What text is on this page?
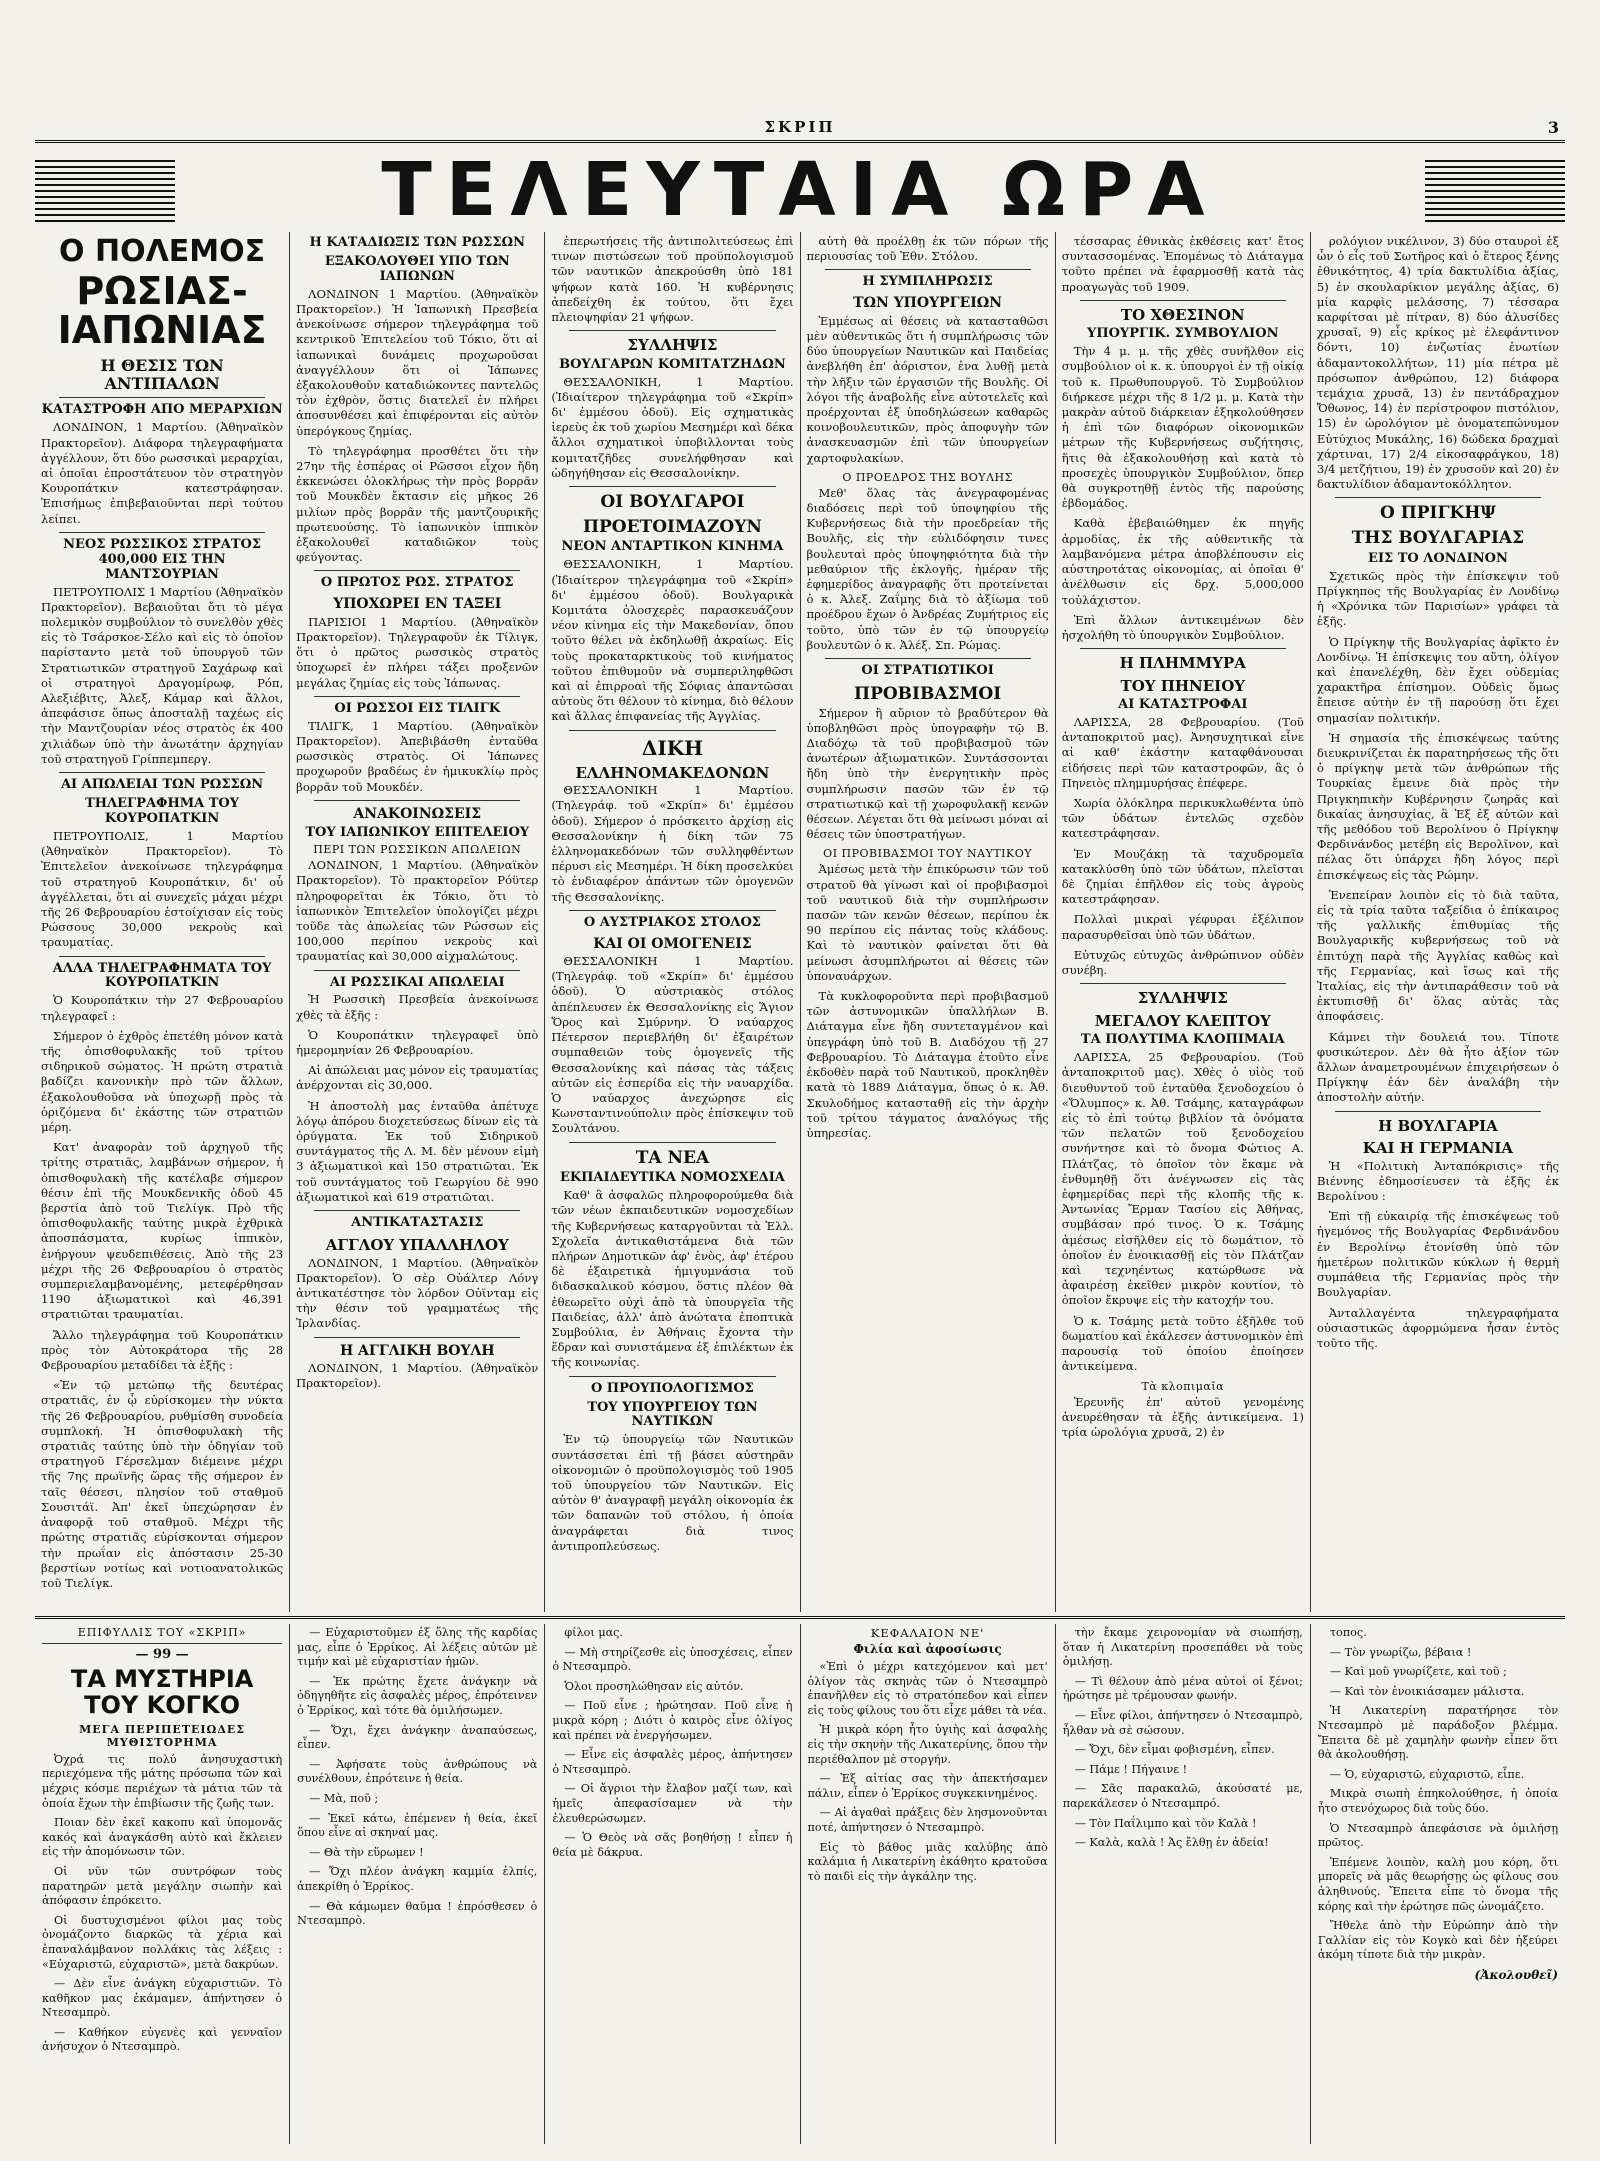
ΣΚΡΙΠ	3
ΤΕΛΕΥΤΑΙΑ ΩΡΑ
Ο ΠΟΛΕΜΟΣ
ΡΩΣΙΑΣ-ΙΑΠΩΝΙΑΣ
Η ΘΕΣΙΣ ΤΩΝ ΑΝΤΙΠΑΛΩΝ
ΚΑΤΑΣΤΡΟΦΗ ΑΠΟ ΜΕΡΑΡΧΙΩΝ

ΛΟΝΔΙΝΟΝ, 1 Μαρτίου. (Ἀθηναϊκὸν Πρακτορεῖον). Διάφορα τηλεγραφήματα ἀγγέλλουν, ὅτι δύο ρωσσικαὶ μεραρχίαι, αἱ ὁποῖαι ἐπροστάτευον τὸν στρατηγὸν Κουροπάτκιν κατεστράφησαν. Ἐπισήμως ἐπιβεβαιοῦνται περὶ τούτου λείπει.

ΝΕΟΣ ΡΩΣΣΙΚΟΣ ΣΤΡΑΤΟΣ 400,000 ΕΙΣ ΤΗΝ ΜΑΝΤΣΟΥΡΙΑΝ

ΠΕΤΡΟΥΠΟΛΙΣ 1 Μαρτίου (Ἀθηναϊκὸν Πρακτορεῖον). Βεβαιοῦται ὅτι τὸ μέγα πολεμικὸν συμβούλιον τὸ συνελθὸν χθὲς εἰς τὸ Τσάρσκοε-Σέλο καὶ εἰς τὸ ὁποῖον παρίσταντο μετὰ τοῦ ὑπουργοῦ τῶν Στρατιωτικῶν στρατηγοῦ Σαχάρωφ καὶ οἱ στρατηγοὶ Δραγομίρωφ, Ρόπ, Αλεξιέβιτς, Ἀλεξ, Κάμαρ καὶ ἄλλοι, ἀπεφάσισε ὅπως ἀποσταλῇ ταχέως εἰς τὴν Μαντζουρίαν νέος στρατὸς ἐκ 400 χιλιάδων ὑπὸ τὴν ἀνωτάτην ἀρχηγίαν τοῦ στρατηγοῦ Γρίππεμπεργ.

ΑΙ ΑΠΩΛΕΙΑΙ ΤΩΝ ΡΩΣΣΩΝ
ΤΗΛΕΓΡΑΦΗΜΑ ΤΟΥ ΚΟΥΡΟΠΑΤΚΙΝ

ΠΕΤΡΟΥΠΟΛΙΣ, 1 Μαρτίου (Ἀθηναϊκὸν Πρακτορεῖον). Τὸ Ἐπιτελεῖον ἀνεκοίνωσε τηλεγράφημα τοῦ στρατηγοῦ Κουροπάτκιν, δι' οὗ ἀγγέλλεται, ὅτι αἱ συνεχεῖς μάχαι μέχρι τῆς 26 Φεβρουαρίου ἐστοίχισαν εἰς τοὺς Ρώσσους 30,000 νεκροὺς καὶ τραυματίας.

ΑΛΛΑ ΤΗΛΕΓΡΑΦΗΜΑΤΑ ΤΟΥ ΚΟΥΡΟΠΑΤΚΙΝ

Ὁ Κουροπάτκιν τὴν 27 Φεβρουαρίου τηλεγραφεῖ :

Σήμερον ὁ ἐχθρὸς ἐπετέθη μόνον κατὰ τῆς ὀπισθοφυλακῆς τοῦ τρίτου σιδηρικοῦ σώματος. Ἡ πρώτη στρατιὰ βαδίζει κανονικὴν πρὸ τῶν ἄλλων, ἐξακολουθοῦσα νὰ ὑποχωρῇ πρὸς τὰ ὁριζόμενα δι' ἑκάστης τῶν στρατιῶν μέρη.

Κατ' ἀναφορὰν τοῦ ἀρχηγοῦ τῆς τρίτης στρατιᾶς, λαμβάνων σήμερον, ἡ ὀπισθοφυλακὴ τῆς κατέλαβε σήμερον θέσιν ἐπὶ τῆς Μουκδενικῆς ὁδοῦ 45 βερστία ἀπὸ τοῦ Τιελίγκ. Πρὸ τῆς ὀπισθοφυλακῆς ταύτης μικρὰ ἐχθρικὰ ἀποσπάσματα, κυρίως ἱππικὸν, ἐνήργουν ψευδεπιθέσεις. Ἀπὸ τῆς 23 μέχρι τῆς 26 Φεβρουαρίου ὁ στρατὸς συμπεριελαμβανομένης, μετεφέρθησαν 1190 ἀξιωματικοὶ καὶ 46,391 στρατιῶται τραυματίαι.

Ἄλλο τηλεγράφημα τοῦ Κουροπάτκιν πρὸς τὸν Αὐτοκράτορα τῆς 28 Φεβρουαρίου μεταδίδει τὰ ἑξῆς :

«Ἐν τῷ μετώπῳ τῆς δευτέρας στρατιᾶς, ἐν ᾧ εὑρίσκομεν τὴν νύκτα τῆς 26 Φεβρουαρίου, ρυθμίσθη συνοδεία συμπλοκή. Ἡ ὀπισθοφυλακὴ τῆς στρατιᾶς ταύτης ὑπὸ τὴν ὁδηγίαν τοῦ στρατηγοῦ Γέρσελμαν διέμεινε μέχρι τῆς 7ης πρωϊνῆς ὥρας τῆς σήμερον ἐν ταῖς θέσεσι, πλησίον τοῦ σταθμοῦ Σουσιτάϊ. Ἀπ' ἐκεῖ ὑπεχώρησαν ἐν ἀναφορᾷ τοῦ σταθμοῦ. Μέχρι τῆς πρώτης στρατιᾶς εὑρίσκονται σήμερον τὴν πρωΐαν εἰς ἀπόστασιν 25-30 βερστίων νοτίως καὶ νοτιοανατολικῶς τοῦ Τιελίγκ.

Η ΚΑΤΑΔΙΩΞΙΣ ΤΩΝ ΡΩΣΣΩΝ
ΕΞΑΚΟΛΟΥΘΕΙ ΥΠΟ ΤΩΝ ΙΑΠΩΝΩΝ

ΛΟΝΔΙΝΟΝ 1 Μαρτίου. (Ἀθηναϊκὸν Πρακτορεῖον.) Ἡ Ἰαπωνικὴ Πρεσβεία ἀνεκοίνωσε σήμερον τηλεγράφημα τοῦ κεντρικοῦ Ἐπιτελείου τοῦ Τόκιο, ὅτι αἱ ἰαπωνικαὶ δυνάμεις προχωροῦσαι ἀναγγέλλουν ὅτι οἱ Ἰάπωνες ἐξακολουθοῦν καταδιώκοντες παντελῶς τὸν ἐχθρὸν, ὅστις διατελεῖ ἐν πλήρει ἀποσυνθέσει καὶ ἐπιφέρονται εἰς αὐτὸν ὑπερόγκους ζημίας.

Τὸ τηλεγράφημα προσθέτει ὅτι τὴν 27ην τῆς ἑσπέρας οἱ Ρῶσσοι εἶχον ἤδη ἐκκενώσει ὁλοκλήρως τὴν πρὸς βορρᾶν τοῦ Μουκδὲν ἔκτασιν εἰς μῆκος 26 μιλίων πρὸς βορρᾶν τῆς μαντζουρικῆς πρωτευούσης. Τὸ ἰαπωνικὸν ἱππικὸν ἐξακολουθεῖ καταδιῶκον τοὺς φεύγοντας.

Ο ΠΡΩΤΟΣ ΡΩΣ. ΣΤΡΑΤΟΣ
ΥΠΟΧΩΡΕΙ ΕΝ ΤΑΞΕΙ

ΠΑΡΙΣΙΟΙ 1 Μαρτίου. (Ἀθηναϊκὸν Πρακτορεῖον). Τηλεγραφοῦν ἐκ Τίλιγκ, ὅτι ὁ πρῶτος ρωσσικὸς στρατὸς ὑποχωρεῖ ἐν πλήρει τάξει προξενῶν μεγάλας ζημίας εἰς τοὺς Ἰάπωνας.

ΟΙ ΡΩΣΣΟΙ ΕΙΣ ΤΙΛΙΓΚ

ΤΙΛΙΓΚ, 1 Μαρτίου. (Ἀθηναϊκὸν Πρακτορεῖον). Ἀπεβιβάσθη ἐνταῦθα ρωσσικὸς στρατὸς. Οἱ Ἰάπωνες προχωροῦν βραδέως ἐν ἡμικυκλίῳ πρὸς βορρᾶν τοῦ Μουκδέν.

ΑΝΑΚΟΙΝΩΣΕΙΣ
ΤΟΥ ΙΑΠΩΝΙΚΟΥ ΕΠΙΤΕΛΕΙΟΥ
ΠΕΡΙ ΤΩΝ ΡΩΣΣΙΚΩΝ ΑΠΩΛΕΙΩΝ

ΛΟΝΔΙΝΟΝ, 1 Μαρτίου. (Ἀθηναϊκὸν Πρακτορεῖον). Τὸ πρακτορεῖον Ρόϋτερ πληροφορεῖται ἐκ Τόκιο, ὅτι τὸ ἰαπωνικὸν Ἐπιτελεῖον ὑπολογίζει μέχρι τοῦδε τὰς ἀπωλείας τῶν Ρώσσων εἰς 100,000 περίπου νεκροὺς καὶ τραυματίας καὶ 30,000 αἰχμαλώτους.

ΑΙ ΡΩΣΣΙΚΑΙ ΑΠΩΛΕΙΑΙ

Ἡ Ρωσσικὴ Πρεσβεία ἀνεκοίνωσε χθὲς τὰ ἑξῆς :

Ὁ Κουροπάτκιν τηλεγραφεῖ ὑπὸ ἡμερομηνίαν 26 Φεβρουαρίου.

Αἱ ἀπώλειαι μας μόνον εἰς τραυματίας ἀνέρχονται εἰς 30,000.

Ἡ ἀποστολὴ μας ἐνταῦθα ἀπέτυχε λόγῳ ἀπόρου διοχετεύσεως δίνων εἰς τὰ ὀρύγματα. Ἐκ τοῦ Σιδηρικοῦ συντάγματος τῆς Λ. Μ. δὲν μένουν εἰμὴ 3 ἀξιωματικοὶ καὶ 150 στρατιῶται. Ἐκ τοῦ συντάγματος τοῦ Γεωργίου δὲ 990 ἀξιωματικοὶ καὶ 619 στρατιῶται.

ΑΝΤΙΚΑΤΑΣΤΑΣΙΣ
ΑΓΓΛΟΥ ΥΠΑΛΛΗΛΟΥ

ΛΟΝΔΙΝΟΝ, 1 Μαρτίου. (Ἀθηναϊκὸν Πρακτορεῖον). Ὁ σὲρ Οὐάλτερ Λόνγ ἀντικατέστησε τὸν λόρδον Οὐϊνταμ εἰς τὴν θέσιν τοῦ γραμματέως τῆς Ἰρλανδίας.

Η ΑΓΓΛΙΚΗ ΒΟΥΛΗ

ΛΟΝΔΙΝΟΝ, 1 Μαρτίου. (Ἀθηναϊκὸν Πρακτορεῖον).

ἐπερωτήσεις τῆς ἀντιπολιτεύσεως ἐπὶ τινων πιστώσεων τοῦ προϋπολογισμοῦ τῶν ναυτικῶν ἀπεκρούσθη ὑπὸ 181 ψήφων κατὰ 160. Ἡ κυβέρνησις ἀπεδείχθη ἐκ τούτου, ὅτι ἔχει πλειοψηφίαν 21 ψήφων.

ΣΥΛΛΗΨΙΣ
ΒΟΥΛΓΑΡΩΝ ΚΟΜΙΤΑΤΖΗΔΩΝ

ΘΕΣΣΑΛΟΝΙΚΗ, 1 Μαρτίου. (Ἰδιαίτερον τηλεγράφημα τοῦ «Σκρίπ» δι' ἐμμέσου ὁδοῦ). Εἰς σχηματικὰς ἱερεὺς ἐκ τοῦ χωρίου Μεσημέρι καὶ δέκα ἄλλοι σχηματικοὶ ὑποβιλλονται τοὺς κομιτατζῆδες συνελήφθησαν καὶ ὡδηγήθησαν εἰς Θεσσαλονίκην.

ΟΙ ΒΟΥΛΓΑΡΟΙ
ΠΡΟΕΤΟΙΜΑΖΟΥΝ
ΝΕΟΝ ΑΝΤΑΡΤΙΚΟΝ ΚΙΝΗΜΑ

ΘΕΣΣΑΛΟΝΙΚΗ, 1 Μαρτίου. (Ἰδιαίτερον τηλεγράφημα τοῦ «Σκρίπ» δι' ἐμμέσου ὁδοῦ). Βουλγαρικὰ Κομιτάτα ὁλοσχερὲς παρασκευάζουν νέον κίνημα εἰς τὴν Μακεδονίαν, ὅπου τοῦτο θέλει νὰ ἐκδηλωθῇ ἀκραίως. Εἰς τοὺς προκαταρκτικοὺς τοῦ κινήματος τοῦτου ἐπιθυμοῦν νὰ συμπεριληφθῶσι καὶ αἱ ἐπιρροαὶ τῆς Σόφιας ἀπαντῶσαι αὐτοὺς ὅτι θέλουν τὸ κίνημα, διὸ θέλουν καὶ ἄλλας ἐπιφανείας τῆς Ἀγγλίας.

ΔΙΚΗ
ΕΛΛΗΝΟΜΑΚΕΔΟΝΩΝ

ΘΕΣΣΑΛΟΝΙΚΗ 1 Μαρτίου. (Τηλεγράφ. τοῦ «Σκρίπ» δι' ἐμμέσου ὁδοῦ). Σήμερον ὁ πρόσκειτο ἀρχίσῃ εἰς Θεσσαλονίκην ἡ δίκη τῶν 75 ἑλληνομακεδόνων τῶν συλληφθέντων πέρυσι εἰς Μεσημέρι. Ἡ δίκη προσελκύει τὸ ἐνδιαφέρον ἁπάντων τῶν ὁμογενῶν τῆς Θεσσαλονίκης.

Ο ΑΥΣΤΡΙΑΚΟΣ ΣΤΟΛΟΣ
ΚΑΙ ΟΙ ΟΜΟΓΕΝΕΙΣ

ΘΕΣΣΑΛΟΝΙΚΗ 1 Μαρτίου. (Τηλεγράφ. τοῦ «Σκρίπ» δι' ἐμμέσου ὁδοῦ). Ὁ αὐστριακὸς στόλος ἀπέπλευσεν ἐκ Θεσσαλονίκης εἰς Ἅγιον Ὄρος καὶ Σμύρνην. Ὁ ναύαρχος Πέτερσον περιεβλήθη δι' ἐξαιρέτων συμπαθειῶν τοὺς ὁμογενεῖς τῆς Θεσσαλονίκης καὶ πάσας τὰς τάξεις αὐτῶν εἰς ἐσπερίδα εἰς τὴν ναυαρχίδα. Ὁ ναύαρχος ἀνεχώρησε εἰς Κωνσταντινούπολιν πρὸς ἐπίσκεψιν τοῦ Σουλτάνου.

ΤΑ ΝΕΑ
ΕΚΠΑΙΔΕΥΤΙΚΑ ΝΟΜΟΣΧΕΔΙΑ

Καθ' ἃ ἀσφαλῶς πληροφορούμεθα διὰ τῶν νέων ἐκπαιδευτικῶν νομοσχεδίων τῆς Κυβερνήσεως καταργοῦνται τὰ Ἑλλ. Σχολεῖα ἀντικαθιστάμενα διὰ τῶν πλήρων Δημοτικῶν ἀφ' ἑνὸς, ἀφ' ἑτέρου δὲ ἐξαιρετικὰ ἡμιγυμνάσια τοῦ διδασκαλικοῦ κόσμου, ὅστις πλέον θὰ ἐθεωρεῖτο οὐχὶ ἀπὸ τὰ ὑπουργεῖα τῆς Παιδείας, ἀλλ' ἀπὸ ἀνώτατα ἐποπτικὰ Συμβούλια, ἐν Ἀθήναις ἔχοντα τὴν ἕδραν καὶ συνιστάμενα ἐξ ἐπιλέκτων ἐκ τῆς κοινωνίας.

Ο ΠΡΟΥΠΟΛΟΓΙΣΜΟΣ
ΤΟΥ ΥΠΟΥΡΓΕΙΟΥ ΤΩΝ ΝΑΥΤΙΚΩΝ

Ἐν τῷ ὑπουργείῳ τῶν Ναυτικῶν συντάσσεται ἐπὶ τῇ βάσει αὐστηρᾶν οἰκονομιῶν ὁ προϋπολογισμὸς τοῦ 1905 τοῦ ὑπουργείου τῶν Ναυτικῶν. Εἰς αὐτὸν θ' ἀναγραφῇ μεγάλη οἰκονομία ἐκ τῶν δαπανῶν τοῦ στόλου, ἡ ὁποία ἀναγράφεται διὰ τινος ἀντιπροπλεύσεως.

αὐτὴ θὰ προέλθῃ ἐκ τῶν πόρων τῆς περιουσίας τοῦ Ἐθν. Στόλου.

Η ΣΥΜΠΛΗΡΩΣΙΣ
ΤΩΝ ΥΠΟΥΡΓΕΙΩΝ

Ἐμμέσως αἱ θέσεις νὰ κατασταθῶσι μὲν αὐθεντικῶς ὅτι ἡ συμπλήρωσις τῶν δύο ὑπουργείων Ναυτικῶν καὶ Παιδείας ἀνεβλήθη ἐπ' ἀόριστον, ἐνα λυθῇ μετὰ τὴν λῆξιν τῶν ἐργασιῶν τῆς Βουλῆς. Οἱ λόγοι τῆς ἀναβολῆς εἶνε αὐτοτελεῖς καὶ προέρχονται ἐξ ὑποδηλώσεων καθαρῶς κοινοβουλευτικῶν, πρὸς ἀποφυγὴν τῶν ἀνασκευασμῶν ἐπὶ τῶν ὑπουργείων χαρτοφυλακίων.

Ο ΠΡΟΕΔΡΟΣ ΤΗΣ ΒΟΥΛΗΣ

Μεθ' ὅλας τὰς ἀνεγραφομένας διαδόσεις περὶ τοῦ ὑποψηφίου τῆς Κυβερνήσεως διὰ τὴν προεδρείαν τῆς Βουλῆς, εἰς τὴν εὑλιδόφησιν τινες βουλευταὶ πρὸς ὑποψηφιότητα διὰ τὴν μεθαύριον τῆς ἐκλογῆς, ἡμέραν τῆς ἐφημερίδος ἀναγραφῆς ὅτι προτείνεται ὁ κ. Ἀλεξ. Ζαΐμης διὰ τὸ ἀξίωμα τοῦ προέδρου ἔχων ὁ Ἀνδρέας Ζυμήτριος εἰς τοῦτο, ὑπὸ τῶν ἐν τῷ ὑπουργείῳ βουλευτῶν ὁ κ. Ἀλέξ. Σπ. Ρώμας.

ΟΙ ΣΤΡΑΤΙΩΤΙΚΟΙ
ΠΡΟΒΙΒΑΣΜΟΙ

Σήμερον ἢ αὔριον τὸ βραδύτερον θὰ ὑποβληθῶσι πρὸς ὑπογραφὴν τῷ Β. Διαδόχῳ τὰ τοῦ προβιβασμοῦ τῶν ἀνωτέρων ἀξιωματικῶν. Συντάσσονται ἤδη ὑπὸ τὴν ἐνεργητικὴν πρὸς συμπλήρωσιν πασῶν τῶν ἐν τῷ στρατιωτικῷ καὶ τῇ χωροφυλακῇ κενῶν θέσεων. Λέγεται ὅτι θὰ μείνωσι μόναι αἱ θέσεις τῶν ὑποστρατήγων.

ΟΙ ΠΡΟΒΙΒΑΣΜΟΙ ΤΟΥ ΝΑΥΤΙΚΟΥ

Ἀμέσως μετὰ τὴν ἐπικύρωσιν τῶν τοῦ στρατοῦ θὰ γίνωσι καὶ οἱ προβιβασμοὶ τοῦ ναυτικοῦ διὰ τὴν συμπλήρωσιν πασῶν τῶν κενῶν θέσεων, περίπου ἐκ 90 περίπου εἰς πάντας τοὺς κλάδους. Καὶ τὸ ναυτικὸν φαίνεται ὅτι θὰ μείνωσι ἀσυμπλήρωτοι αἱ θέσεις τῶν ὑποναυάρχων.

Τὰ κυκλοφοροῦντα περὶ προβιβασμοῦ τῶν ἀστυνομικῶν ὑπαλλήλων Β. Διάταγμα εἶνε ἤδη συντεταγμένον καὶ ὑπεγράφη ὑπὸ τοῦ Β. Διαδόχου τῇ 27 Φεβρουαρίου. Τὸ Διάταγμα ἐτοῦτο εἶνε ἐκδοθὲν παρὰ τοῦ Ναυτικοῦ, προκληθὲν κατὰ τὸ 1889 Διάταγμα, ὅπως ὁ κ. Ἀθ. Σκυλοδήμος κατασταθῇ εἰς τὴν ἀρχὴν τοῦ τρίτου τάγματος ἀναλόγως τῆς ὑπηρεσίας.

τέσσαρας ἐθνικὰς ἐκθέσεις κατ' ἔτος συντασσομένας. Ἐπομένως τὸ Διάταγμα τοῦτο πρέπει νὰ ἐφαρμοσθῇ κατὰ τὰς προαγωγὰς τοῦ 1909.

ΤΟ ΧΘΕΣΙΝΟΝ
ΥΠΟΥΡΓΙΚ. ΣΥΜΒΟΥΛΙΟΝ

Τὴν 4 μ. μ. τῆς χθὲς συνῆλθον εἰς συμβούλιον οἱ κ. κ. ὑπουργοὶ ἐν τῇ οἰκίᾳ τοῦ κ. Πρωθυπουργοῦ. Τὸ Συμβούλιον διήρκεσε μέχρι τῆς 8 1/2 μ. μ. Κατὰ τὴν μακρὰν αὐτοῦ διάρκειαν ἐξηκολούθησεν ἡ ἐπὶ τῶν διαφόρων οἰκονομικῶν μέτρων τῆς Κυβερνήσεως συζήτησις, ἥτις θὰ ἐξακολουθήσῃ καὶ κατὰ τὸ προσεχὲς ὑπουργικὸν Συμβούλιον, ὅπερ θὰ συγκροτηθῇ ἐντὸς τῆς παρούσης ἑβδομάδος.

Καθὰ ἐβεβαιώθημεν ἐκ πηγῆς ἀρμοδίας, ἐκ τῆς αὐθεντικῆς τὰ λαμβανόμενα μέτρα ἀποβλέπουσιν εἰς αὐστηροτάτας οἰκονομίας, αἱ ὁποῖαι θ' ἀνέλθωσιν εἰς δρχ. 5,000,000 τοὐλάχιστον.

Ἐπὶ ἄλλων ἀντικειμένων δὲν ἠσχολήθη τὸ ὑπουργικὸν Συμβούλιον.

Η ΠΛΗΜΜΥΡΑ
ΤΟΥ ΠΗΝΕΙΟΥ
ΑΙ ΚΑΤΑΣΤΡΟΦΑΙ

ΛΑΡΙΣΣΑ, 28 Φεβρουαρίου. (Τοῦ ἀνταποκριτοῦ μας). Ἀνησυχητικαὶ εἶνε αἱ καθ' ἑκάστην καταφθάνουσαι εἰδήσεις περὶ τῶν καταστροφῶν, ἃς ὁ Πηνειὸς πλημμυρήσας ἐπέφερε.

Χωρία ὁλόκληρα περικυκλωθέντα ὑπὸ τῶν ὑδάτων ἐντελῶς σχεδὸν κατεστράφησαν.

Ἐν Μουζάκῃ τὰ ταχυδρομεῖα κατακλύσθη ὑπὸ τῶν ὑδάτων, πλεῖσται δὲ ζημίαι ἐπῆλθον εἰς τοὺς ἀγροὺς κατεστράφησαν.

Πολλαὶ μικραὶ γέφυραι ἐξέλιπον παρασυρθεῖσαι ὑπὸ τῶν ὑδάτων.

Εὐτυχῶς εὐτυχῶς ἀνθρώπινον οὐδὲν συνέβη.

ΣΥΛΛΗΨΙΣ
ΜΕΓΑΛΟΥ ΚΛΕΠΤΟΥ
ΤΑ ΠΟΛΥΤΙΜΑ ΚΛΟΠΙΜΑΙΑ

ΛΑΡΙΣΣΑ, 25 Φεβρουαρίου. (Τοῦ ἀνταποκριτοῦ μας). Χθὲς ὁ υἱὸς τοῦ διευθυντοῦ τοῦ ἐνταῦθα ξενοδοχείου ὁ «Ὄλυμπος» κ. Ἀθ. Τσάμης, καταγράφων εἰς τὸ ἐπὶ τούτῳ βιβλίον τὰ ὀνόματα τῶν πελατῶν τοῦ ξενοδοχείου συνήντησε καὶ τὸ ὄνομα Φώτιος Α. Πλάτζας, τὸ ὁποῖον τὸν ἔκαμε νὰ ἐνθυμηθῇ ὅτι ἀνέγνωσεν εἰς τὰς ἐφημερίδας περὶ τῆς κλοπῆς τῆς κ. Ἀντωνίας Ἔρμαν Τασίου εἰς Ἀθήνας, συμβάσαν πρό τινος. Ὁ κ. Τσάμης ἀμέσως εἰσῆλθεν εἰς τὸ δωμάτιον, τὸ ὁποῖον ἐν ἐνοικιασθῇ εἰς τὸν Πλάτζαν καὶ τεχνηέντως κατώρθωσε νὰ ἀφαιρέσῃ ἐκεῖθεν μικρὸν κουτίον, τὸ ὁποῖον ἔκρυψε εἰς τὴν κατοχήν του.

Ὁ κ. Τσάμης μετὰ τοῦτο ἐξῆλθε τοῦ δωματίου καὶ ἐκάλεσεν ἀστυνομικὸν ἐπὶ παρουσίᾳ τοῦ ὁποίου ἐποίησεν ἀντικείμενα.

Τὰ κλοπιμαῖα

Ἐρευνῆς ἐπ' αὐτοῦ γενομένης ἀνευρέθησαν τὰ ἑξῆς ἀντικείμενα. 1) τρία ὡρολόγια χρυσᾶ, 2) ἐν

ρολόγιον νικέλινον, 3) δύο σταυροὶ ἐξ ὧν ὁ εἷς τοῦ Σωτῆρος καὶ ὁ ἕτερος ξένης ἐθνικότητος, 4) τρία δακτυλίδια ἀξίας, 5) ἐν σκουλαρίκιον μεγάλης ἀξίας, 6) μία καρφὶς μελάσσης, 7) τέσσαρα καρφίτσαι μὲ πίτραν, 8) δύο ἁλυσίδες χρυσαῖ, 9) εἷς κρίκος μὲ ἐλεφάντινον δόντι, 10) ἐνζωτίας ἐνωτίων ἀδαμαντοκολλήτων, 11) μία πέτρα μὲ πρόσωπον ἀνθρώπου, 12) διάφορα τεμάχια χρυσᾶ, 13) ἐν πεντάδραχμον Ὄθωνος, 14) ἐν περίστροφον πιστόλιον, 15) ἐν ὡρολόγιον μὲ ὀνοματεπώνυμον Εὐτύχιος Μυκάλης, 16) δώδεκα δραχμαὶ χάρτιναι, 17) 2/4 εἰκοσαφράγκου, 18) 3/4 μετζήτιου, 19) ἐν χρυσοῦν καὶ 20) ἐν δακτυλίδιον ἀδαμαντοκόλλητον.

Ο ΠΡΙΓΚΗΨ
ΤΗΣ ΒΟΥΛΓΑΡΙΑΣ
ΕΙΣ ΤΟ ΛΟΝΔΙΝΟΝ

Σχετικῶς πρὸς τὴν ἐπίσκεψιν τοῦ Πρίγκηπος τῆς Βουλγαρίας ἐν Λονδίνῳ ἡ «Χρόνικα τῶν Παρισίων» γράφει τὰ ἑξῆς.

Ὁ Πρίγκηψ τῆς Βουλγαρίας ἀφῖκτο ἐν Λονδίνῳ. Ἡ ἐπίσκεψις του αὕτη, ὀλίγον καὶ ἐπανελέχθη, δὲν ἔχει οὐδεμίας χαρακτῆρα ἐπίσημον. Οὐδεὶς ὅμως ἔπεισε αὐτὴν ἐν τῇ παρούσῃ ὅτι ἔχει σημασίαν πολιτικήν.

Ἡ σημασία τῆς ἐπισκέψεως ταύτης διευκρινίζεται ἐκ παρατηρήσεως τῆς ὅτι ὁ πρίγκηψ μετὰ τῶν ἀνθρώπων τῆς Τουρκίας ἔμεινε διὰ πρὸς τὴν Πριγκηπικὴν Κυβέρνησιν ζωηρᾶς καὶ δικαίας ἀνησυχίας, ἃ Ἐξ ἐξ αὐτῶν καὶ τῆς μεθόδου τοῦ Βερολίνου ὁ Πρίγκηψ Φερδινάνδος μετέβη εἰς Βερολῖνον, καὶ πέλας ὅτι ὑπάρχει ἤδη λόγος περὶ ἐπισκέψεως εἰς τὰς Ρώμην.

Ἐνεπείραν λοιπὸν εἰς τὸ διὰ ταῦτα, εἰς τὰ τρία ταῦτα ταξείδια ὁ ἐπίκαιρος τῆς γαλλικῆς ἐπιθυμίας τῆς Βουλγαρικῆς κυβερνήσεως τοῦ νὰ ἐπιτύχῃ παρὰ τῆς Ἀγγλίας καθὼς καὶ τῆς Γερμανίας, καὶ ἴσως καὶ τῆς Ἰταλίας, εἰς τὴν ἀντιπαράθεσιν τοῦ νὰ ἐκτυπισθῇ δι' ὅλας αὐτὰς τὰς ἀποφάσεις.

Κάμνει τὴν δουλειά του. Τίποτε φυσικώτερον. Δὲν θὰ ἦτο ἀξίον τῶν ἄλλων ἀναμετρουμένων ἐπιχειρήσεων ὁ Πρίγκηψ ἐάν δὲν ἀναλάβη τὴν ἀποστολὴν αὐτήν.

Η ΒΟΥΛΓΑΡΙΑ
ΚΑΙ Η ΓΕΡΜΑΝΙΑ

Ἡ «Πολιτικὴ Ἀνταπόκρισις» τῆς Βιέννης ἐδημοσίευσεν τὰ ἑξῆς ἐκ Βερολίνου :

Ἐπὶ τῇ εὐκαιρίᾳ τῆς ἐπισκέψεως τοῦ ἡγεμόνος τῆς Βουλγαρίας Φερδινάνδου ἐν Βερολίνῳ ἐτονίσθη ὑπὸ τῶν ἡμετέρων πολιτικῶν κύκλων ἡ θερμὴ συμπάθεια τῆς Γερμανίας πρὸς τὴν Βουλγαρίαν.

Ἀνταλλαγέντα τηλεγραφήματα οὐσιαστικῶς ἀφορμώμενα ἦσαν ἐντὸς τοῦτο τῆς.

ΕΠΙΦΥΛΛΙΣ ΤΟΥ «ΣΚΡΙΠ»
— 99 —
ΤΑ ΜΥΣΤΗΡΙΑ ΤΟΥ ΚΟΓΚΟ
ΜΕΓΑ ΠΕΡΙΠΕΤΕΙΩΔΕΣ ΜΥΘΙΣΤΟΡΗΜΑ

Ὀχρά τις πολύ ἀνησυχαστικὴ περιεχόμενα τῆς μάτης πρόσωπα τῶν καὶ μέχρις κόσμε περιέχων τὰ μάτια τῶν τὰ ὁποία ἔχων τὴν ἐπιβίωσιν τῆς ζωῆς των.

Ποιαν δὲν ἐκεῖ κακοπυ καὶ ὑπομονᾶς κακός καὶ ἀναγκάσθη αὐτὸ καὶ ἔκλειεν εἰς τὴν ἀπομόνωσιν τῶν.

Οἱ νῦν τῶν συντρόφων τοὺς παρατηρῶν μετὰ μεγάλην σιωπὴν καὶ ἀπόφασιν ἐπρόκειτο.

Οἱ δυστυχισμένοι φίλοι μας τοὺς ὀνομάζοντο διαρκῶς τὰ χέρια καὶ ἐπαναλάμβανον πολλάκις τὰς λέξεις : «Εὐχαριστῶ, εὐχαριστῶ», μετὰ δακρύων.

— Δὲν εἶνε ἀνάγκη εὐχαριστιῶν. Τὸ καθῆκον μας ἐκάμαμεν, ἀπήντησεν ὁ Ντεσαμπρὸ.

— Καθήκον εὐγενὲς καὶ γενναῖον ἀνήσυχον ὁ Ντεσαμπρὸ.

— Εὐχαριστοῦμεν ἐξ ὅλης τῆς καρδίας μας, εἶπε ὁ Ἐρρίκος. Αἱ λέξεις αὐτῶν μὲ τιμήν καὶ μὲ εὐχαριστίαν ἡμῶν.

— Ἐκ πρώτης ἔχετε ἀνάγκην νὰ ὁδηγηθῆτε εἰς ἀσφαλὲς μέρος, ἐπρότεινεν ὁ Ἐρρίκος, καὶ τότε θὰ ὁμιλήσωμεν.

— Ὄχι, ἔχει ἀνάγκην ἀναπαύσεως, εἶπεν.

— Ἀφήσατε τοὺς ἀνθρώπους νὰ συνέλθουν, ἐπρότεινε ἡ θεία.

— Μὰ, ποῦ ;

— Ἐκεῖ κάτω, ἐπέμενεν ἡ θεία, ἐκεῖ ὅπου εἶνε αἱ σκηναί μας.

— Θὰ τὴν εὕρωμεν !

— Ὄχι πλέον ἀνάγκη καμμία ἐλπίς, ἀπεκρίθη ὁ Ἐρρίκος.

— Θὰ κάμωμεν θαῦμα ! ἐπρόσθεσεν ὁ Ντεσαμπρὸ.

φίλοι μας.

— Μὴ στηρίζεσθε εἰς ὑποσχέσεις, εἶπεν ὁ Ντεσαμπρὸ.

Ὁλοι προσηλώθησαν εἰς αὐτόν.

— Ποῦ εἶνε ; ἠρώτησαν. Ποῦ εἶνε ἡ μικρὰ κόρη ; Διότι ὁ καιρὸς εἶνε ὀλίγος καὶ πρέπει νὰ ἐνεργήσωμεν.

— Εἶνε εἰς ἀσφαλὲς μέρος, ἀπήντησεν ὁ Ντεσαμπρὸ.

— Οἱ ἄγριοι τὴν ἔλαβον μαζί των, καὶ ἡμεῖς ἀπεφασίσαμεν νὰ τὴν ἐλευθερώσωμεν.

— Ὁ Θεὸς νὰ σᾶς βοηθήσῃ ! εἶπεν ἡ θεία μὲ δάκρυα.

ΚΕΦΑΛΑΙΟΝ ΝΕ'
Φιλία καὶ ἀφοσίωσις

«Ἐπὶ ὁ μέχρι κατεχόμενον καὶ μετ' ὀλίγον τὰς σκηνὰς τῶν ὁ Ντεσαμπρὸ ἐπανῆλθεν εἰς τὸ στρατόπεδον καὶ εἶπεν εἰς τοὺς φίλους του ὅτι εἶχε μάθει τὰ νέα.

Ἡ μικρὰ κόρη ἦτο ὑγιὴς καὶ ἀσφαλὴς εἰς τὴν σκηνὴν τῆς Λικατερίνης, ὅπου τὴν περιέθαλπον μὲ στοργήν.

— Ἐξ αἰτίας σας τὴν ἀπεκτήσαμεν πάλιν, εἶπεν ὁ Ἐρρίκος συγκεκινημένος.

— Αἱ ἀγαθαὶ πράξεις δὲν λησμονοῦνται ποτέ, ἀπήντησεν ὁ Ντεσαμπρὸ.

Εἰς τὸ βάθος μιᾶς καλύβης ἀπὸ καλάμια ἡ Λικατερίνη ἐκάθητο κρατοῦσα τὸ παιδὶ εἰς τὴν ἀγκάλην της.

τὴν ἔκαμε χειρονομίαν νὰ σιωπήσῃ, ὅταν ἡ Λικατερίνη προσεπάθει νὰ τοὺς ὁμιλήσῃ.

— Τὶ θέλουν ἀπὸ μένα αὐτοὶ οἱ ξένοι; ἠρώτησε μὲ τρέμουσαν φωνήν.

— Εἶνε φίλοι, ἀπήντησεν ὁ Ντεσαμπρὸ, ἦλθαν νὰ σὲ σώσουν.

— Ὄχι, δὲν εἶμαι φοβισμένη, εἶπεν.

— Πάμε ! Πήγαινε !

— Σᾶς παρακαλῶ, ἀκούσατέ με, παρεκάλεσεν ὁ Ντεσαμπρό.

— Τὸν Παΐλιμπο καὶ τὸν Καλὰ !

— Καλὰ, καλὰ ! Ἀς ἔλθῃ ἐν ἀδεία!

τοπος.

— Τὸν γνωρίζω, βέβαια !

— Καὶ μοῦ γνωρίζετε, καὶ τοῦ ;

— Καὶ τὸν ἐνοικιάσαμεν μάλιστα.

Ἡ Λικατερίνη παρατήρησε τὸν Ντεσαμπρὸ μὲ παράδοξον βλέμμα. Ἔπειτα δὲ μὲ χαμηλὴν φωνὴν εἶπεν ὅτι θὰ ἀκολουθήσῃ.

— Ὁ, εὐχαριστῶ, εὐχαριστῶ, εἶπε.

Μικρὰ σιωπὴ ἐπηκολούθησε, ἡ ὁποία ἦτο στενόχωρος διὰ τοὺς δύο.

Ὁ Ντεσαμπρὸ ἀπεφάσισε νὰ ὁμιλήσῃ πρῶτος.

Ἐπέμενε λοιπὸν, καλὴ μου κόρη, ὅτι μπορεῖς νὰ μᾶς θεωρήσῃς ὡς φίλους σου ἀληθινούς. Ἔπειτα εἶπε τὸ ὄνομα τῆς κόρης καὶ τὴν ἐρώτησε πῶς ὠνομάζετο.

Ἤθελε ἀπὸ τὴν Εὐρώπην ἀπὸ τὴν Γαλλίαν εἰς τὸν Κογκὸ καὶ δὲν ἠξεύρει ἀκόμη τίποτε διὰ τὴν μικρὰν.

(Ἀκολουθεῖ)
